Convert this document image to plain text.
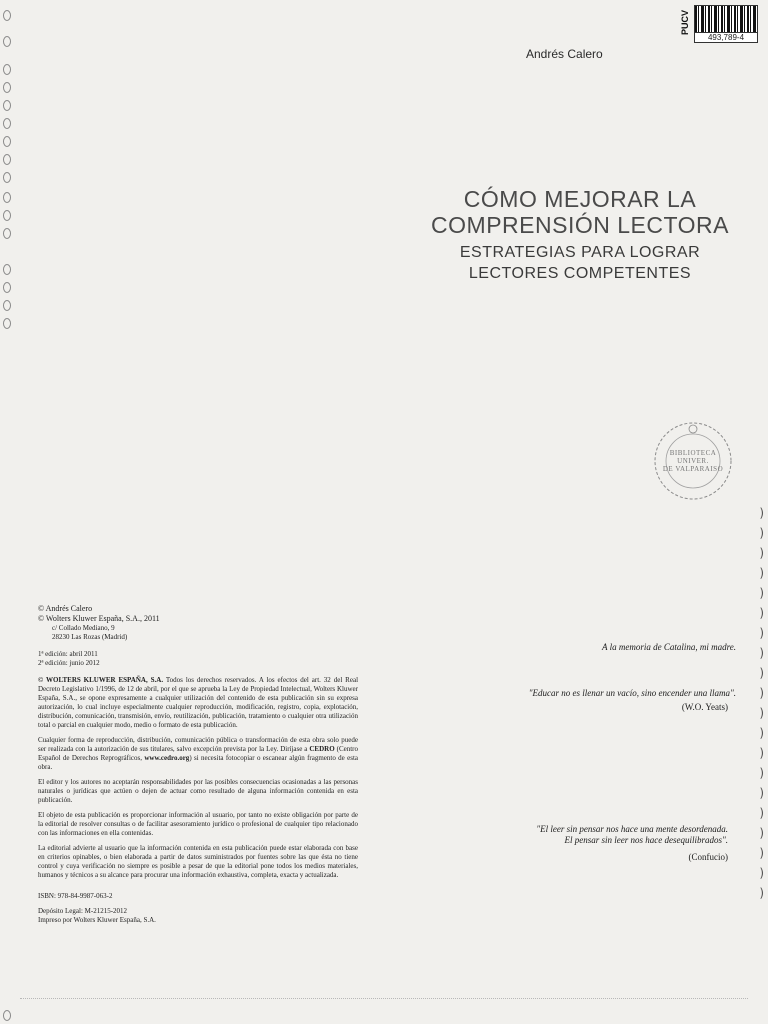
)
)
)
)
)
)
)
)
)
)
)
)
)
)
)
)
)
)
)
)
PUCV
493,789-4
Andrés Calero
CÓMO MEJORAR LA
COMPRENSIÓN LECTORA
ESTRATEGIAS PARA LOGRAR
LECTORES COMPETENTES
BIBLIOTECA
UNIVER.
DE VALPARAISO

© Andrés Calero

© Wolters Kluwer España, S.A., 2011

c/ Collado Mediano, 9

28230 Las Rozas (Madrid)

1ª edición: abril 2011

2ª edición: junio 2012

© WOLTERS KLUWER ESPAÑA, S.A. Todos los derechos reservados. A los efectos del art. 32 del Real Decreto Legislativo 1/1996, de 12 de abril, por el que se aprueba la Ley de Propiedad Intelectual, Wolters Kluwer España, S.A., se opone expresamente a cualquier utilización del contenido de esta publicación sin su expresa autorización, lo cual incluye especialmente cualquier reproducción, modificación, registro, copia, explotación, distribución, comunicación, transmisión, envío, reutilización, publicación, tratamiento o cualquier otra utilización total o parcial en cualquier modo, medio o formato de esta publicación.

Cualquier forma de reproducción, distribución, comunicación pública o transformación de esta obra solo puede ser realizada con la autorización de sus titulares, salvo excepción prevista por la Ley. Diríjase a CEDRO (Centro Español de Derechos Reprográficos, www.cedro.org) si necesita fotocopiar o escanear algún fragmento de esta obra.

El editor y los autores no aceptarán responsabilidades por las posibles consecuencias ocasionadas a las personas naturales o jurídicas que actúen o dejen de actuar como resultado de alguna información contenida en esta publicación.

El objeto de esta publicación es proporcionar información al usuario, por tanto no existe obligación por parte de la editorial de resolver consultas o de facilitar asesoramiento jurídico o profesional de cualquier tipo relacionado con las informaciones en ella contenidas.

La editorial advierte al usuario que la información contenida en esta publicación puede estar elaborada con base en criterios opinables, o bien elaborada a partir de datos suministrados por fuentes sobre las que ésta no tiene control y cuya verificación no siempre es posible a pesar de que la editorial pone todos los medios materiales, humanos y técnicos a su alcance para procurar una información exhaustiva, completa, exacta y actualizada.

ISBN: 978-84-9987-063-2

Depósito Legal: M-21215-2012

Impreso por Wolters Kluwer España, S.A.

A la memoria de Catalina, mi madre.
"Educar no es llenar un vacío, sino encender una llama".
(W.O. Yeats)
"El leer sin pensar nos hace una mente desordenada.
El pensar sin leer nos hace desequilibrados".
(Confucio)
